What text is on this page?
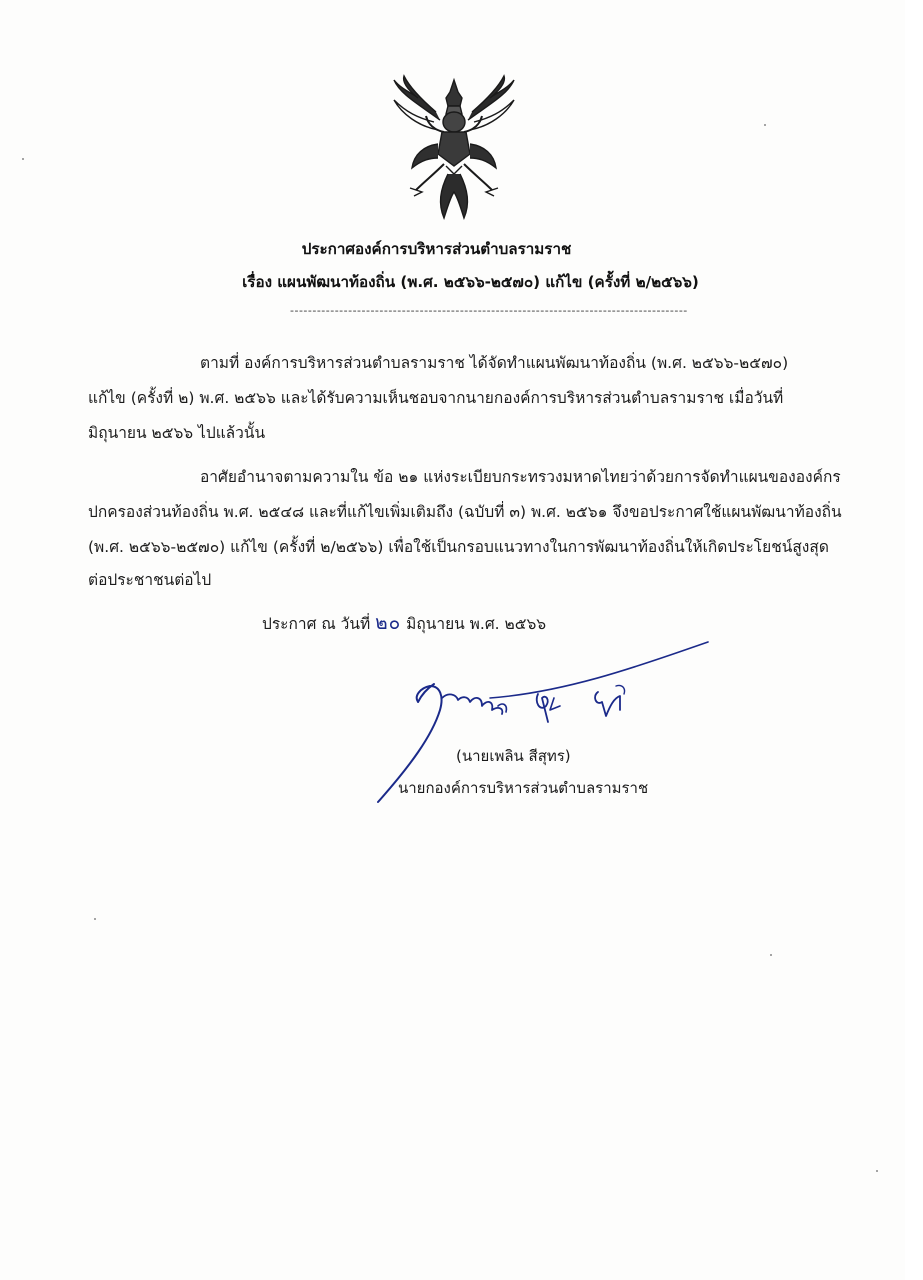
ประกาศองค์การบริหารส่วนตำบลรามราช
เรื่อง แผนพัฒนาท้องถิ่น (พ.ศ. ๒๕๖๖-๒๕๗๐) แก้ไข (ครั้งที่ ๒/๒๕๖๖)
-----------------------------------------------------------------------------------------
ตามที่ องค์การบริหารส่วนตำบลรามราช ได้จัดทำแผนพัฒนาท้องถิ่น (พ.ศ. ๒๕๖๖-๒๕๗๐)
แก้ไข (ครั้งที่ ๒) พ.ศ. ๒๕๖๖ และได้รับความเห็นชอบจากนายกองค์การบริหารส่วนตำบลรามราช เมื่อวันที่
มิถุนายน ๒๕๖๖ ไปแล้วนั้น
อาศัยอำนาจตามความใน ข้อ ๒๑ แห่งระเบียบกระทรวงมหาดไทยว่าด้วยการจัดทำแผนขององค์กร
ปกครองส่วนท้องถิ่น พ.ศ. ๒๕๔๘ และที่แก้ไขเพิ่มเติมถึง (ฉบับที่ ๓) พ.ศ. ๒๕๖๑ จึงขอประกาศใช้แผนพัฒนาท้องถิ่น
(พ.ศ. ๒๕๖๖-๒๕๗๐) แก้ไข (ครั้งที่ ๒/๒๕๖๖) เพื่อใช้เป็นกรอบแนวทางในการพัฒนาท้องถิ่นให้เกิดประโยชน์สูงสุด
ต่อประชาชนต่อไป
ประกาศ ณ วันที่ ๒๐ มิถุนายน พ.ศ. ๒๕๖๖
(นายเพลิน สีสุทร)
นายกองค์การบริหารส่วนตำบลรามราช
